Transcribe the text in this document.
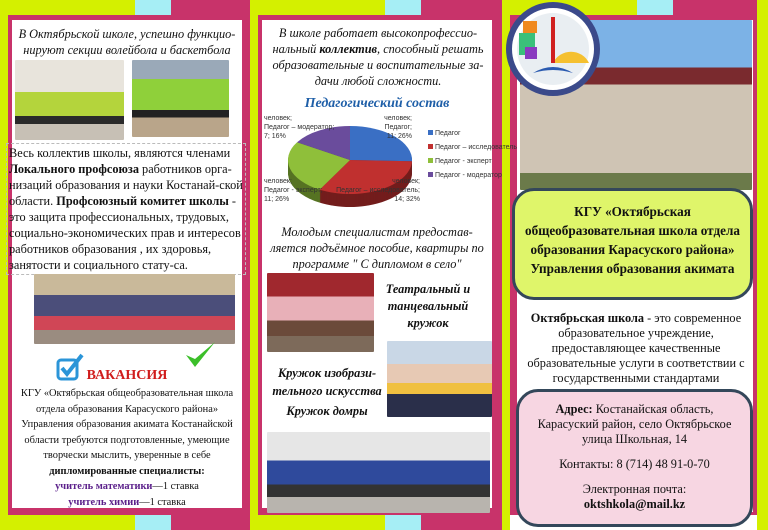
В Октябрьской школе, успешно функцио-нируют секции волейбола и баскетбола
Весь коллектив школы, являются членами Локального профсоюза работников орга-низаций образования и науки Костанай-ской области. Профсоюзный комитет школы - это защита профессиональных, трудовых, социально-экономических прав и интересов работников образования , их здоровья, занятости и социального стату-са.
ВАКАНСИЯ
КГУ «Октябрьская общеобразовательная школа отдела образования Карасуского района» Управления образования акимата Костанайской области требуются подготовленные, умеющие творчески мыслить, уверенные в себе
дипломированные специалисты:
учитель математики—1 ставка
учитель химии—1 ставка
В школе работает высокопрофессио-нальный коллектив, способный решать образовательные и воспитательные за-дачи любой сложности.
Педагогический состав
человек; Педагог; 11; 26%
человек; Педагог – исследователь; 14; 32%
человек; Педагог - эксперт; 11; 26%
человек; Педагог – модератор; 7; 16%	Педагог
Педагог – исследователь
Педагог - эксперт
Педагог - модератор
Молодым специалистам предостав-ляется подъёмное пособие, квартиры по программе " С дипломом в село"
Театральный и танцевальный кружок
Кружок изобрази-тельного искусства
Кружок домры
КГУ «Октябрьская общеобразовательная школа отдела образования Карасуского района» Управления образования акимата
Октябрьская школа - это современное образовательное учреждение, предоставляющее качественные образовательные услуги в соответствии с государственными стандартами
Адрес: Костанайская область, Карасуский район, село Октябрьское улица Школьная, 14
Контакты: 8 (714) 48 91-0-70
Электронная почта:
oktshkola@mail.kz
